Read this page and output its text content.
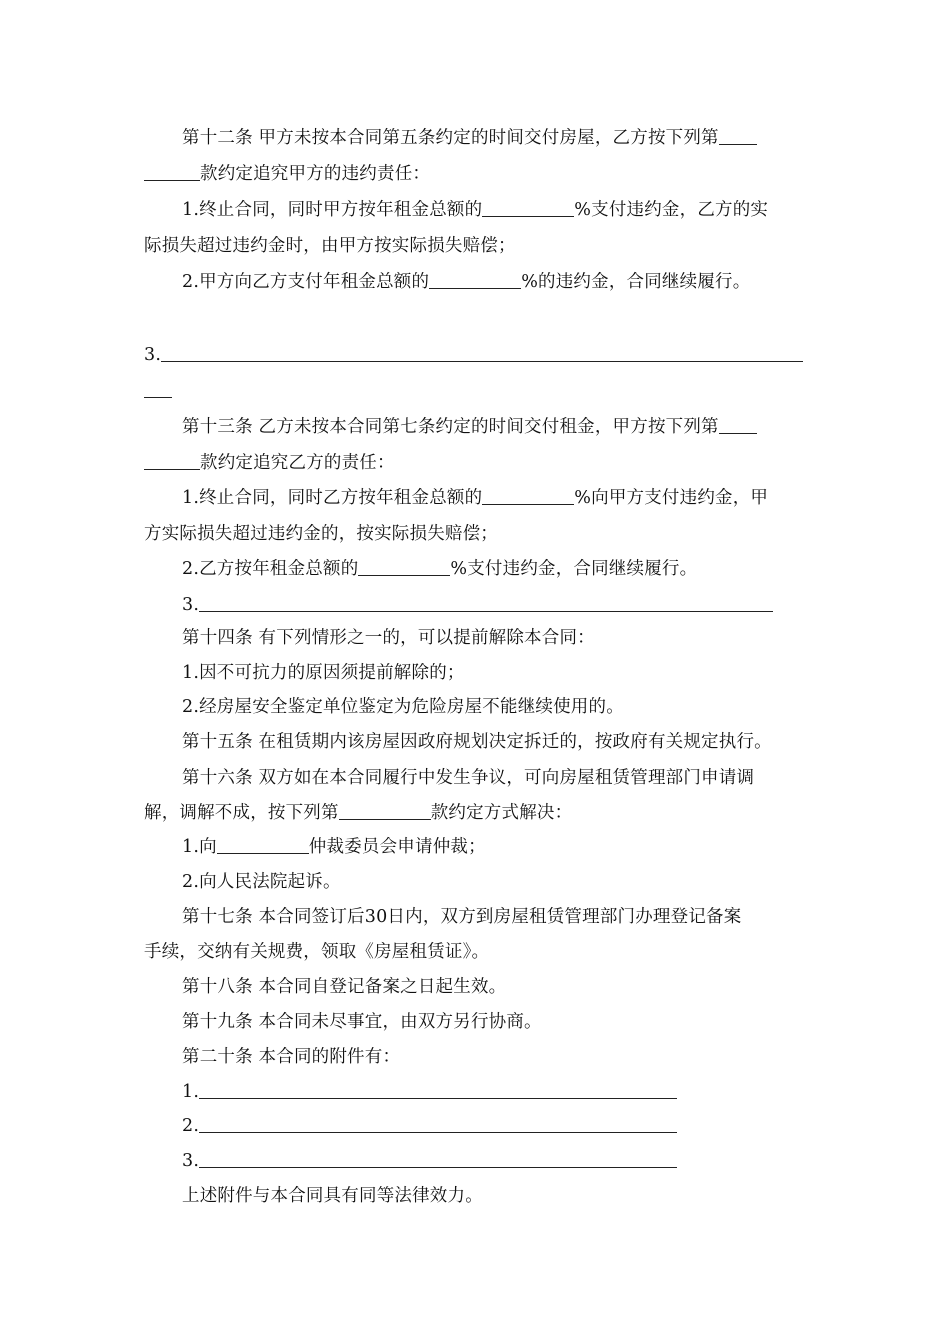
第十二条 甲方未按本合同第五条约定的时间交付房屋，乙方按下列第
款约定追究甲方的违约责任：
1.终止合同，同时甲方按年租金总额的	%支付违约金，乙方的实
际损失超过违约金时，由甲方按实际损失赔偿；
2.甲方向乙方支付年租金总额的	%的违约金，合同继续履行。
3.
第十三条 乙方未按本合同第七条约定的时间交付租金，甲方按下列第
款约定追究乙方的责任：
1.终止合同，同时乙方按年租金总额的	%向甲方支付违约金，甲
方实际损失超过违约金的，按实际损失赔偿；
2.乙方按年租金总额的	%支付违约金，合同继续履行。
3.
第十四条 有下列情形之一的，可以提前解除本合同：
1.因不可抗力的原因须提前解除的；
2.经房屋安全鉴定单位鉴定为危险房屋不能继续使用的。
第十五条 在租赁期内该房屋因政府规划决定拆迁的，按政府有关规定执行。
第十六条 双方如在本合同履行中发生争议，可向房屋租赁管理部门申请调
解，调解不成，按下列第	款约定方式解决：
1.向	仲裁委员会申请仲裁；
2.向人民法院起诉。
第十七条 本合同签订后30日内，双方到房屋租赁管理部门办理登记备案
手续，交纳有关规费，领取《房屋租赁证》。
第十八条 本合同自登记备案之日起生效。
第十九条 本合同未尽事宜，由双方另行协商。
第二十条 本合同的附件有：
1.
2.
3.
上述附件与本合同具有同等法律效力。
